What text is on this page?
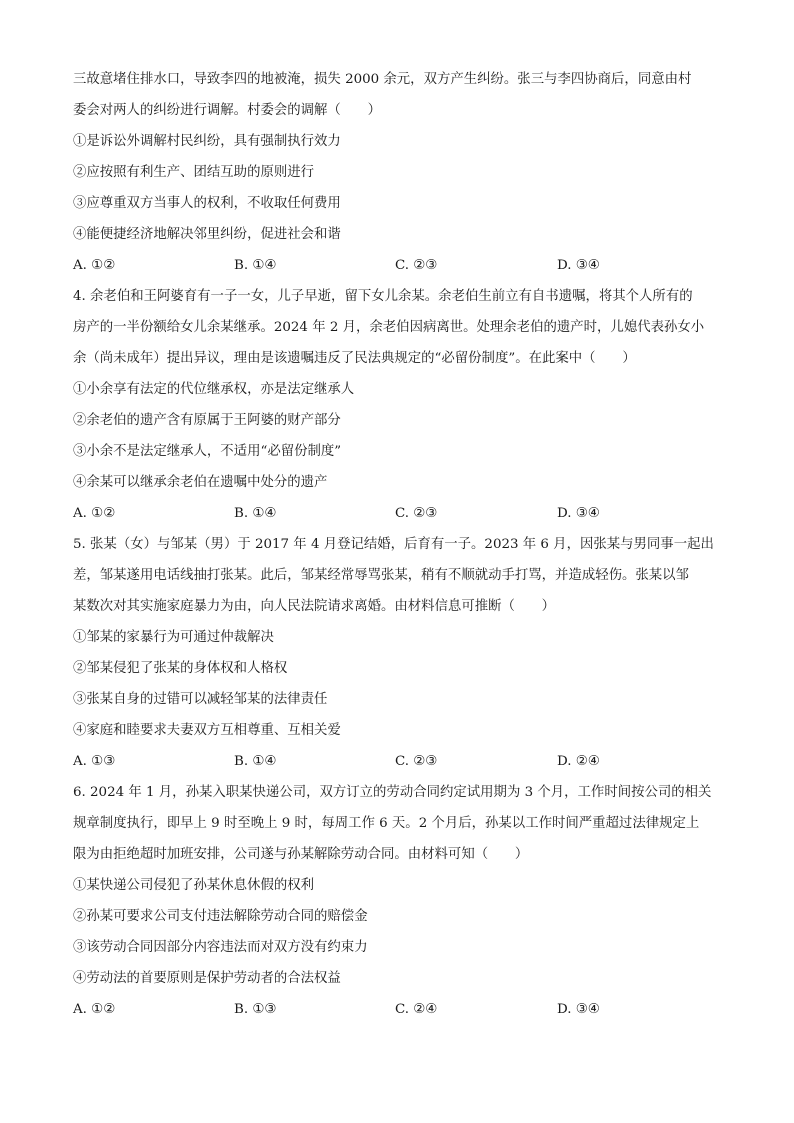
三故意堵住排水口，导致李四的地被淹，损失 2000 余元，双方产生纠纷。张三与李四协商后，同意由村
委会对两人的纠纷进行调解。村委会的调解（　　）
①是诉讼外调解村民纠纷，具有强制执行效力
②应按照有利生产、团结互助的原则进行
③应尊重双方当事人的权利，不收取任何费用
④能便捷经济地解决邻里纠纷，促进社会和谐
A. ①②	B. ①④	C. ②③	D. ③④
4. 余老伯和王阿婆育有一子一女，儿子早逝，留下女儿余某。余老伯生前立有自书遗嘱，将其个人所有的
房产的一半份额给女儿余某继承。2024 年 2 月，余老伯因病离世。处理余老伯的遗产时，儿媳代表孙女小
余（尚未成年）提出异议，理由是该遗嘱违反了民法典规定的“必留份制度”。在此案中（　　）
①小余享有法定的代位继承权，亦是法定继承人
②余老伯的遗产含有原属于王阿婆的财产部分
③小余不是法定继承人，不适用“必留份制度”
④余某可以继承余老伯在遗嘱中处分的遗产
A. ①②	B. ①④	C. ②③	D. ③④
5. 张某（女）与邹某（男）于 2017 年 4 月登记结婚，后育有一子。2023 年 6 月，因张某与男同事一起出
差，邹某遂用电话线抽打张某。此后，邹某经常辱骂张某，稍有不顺就动手打骂，并造成轻伤。张某以邹
某数次对其实施家庭暴力为由，向人民法院请求离婚。由材料信息可推断（　　）
①邹某的家暴行为可通过仲裁解决
②邹某侵犯了张某的身体权和人格权
③张某自身的过错可以减轻邹某的法律责任
④家庭和睦要求夫妻双方互相尊重、互相关爱
A. ①③	B. ①④	C. ②③	D. ②④
6. 2024 年 1 月，孙某入职某快递公司，双方订立的劳动合同约定试用期为 3 个月，工作时间按公司的相关
规章制度执行，即早上 9 时至晚上 9 时，每周工作 6 天。2 个月后，孙某以工作时间严重超过法律规定上
限为由拒绝超时加班安排，公司遂与孙某解除劳动合同。由材料可知（　　）
①某快递公司侵犯了孙某休息休假的权利
②孙某可要求公司支付违法解除劳动合同的赔偿金
③该劳动合同因部分内容违法而对双方没有约束力
④劳动法的首要原则是保护劳动者的合法权益
A. ①②	B. ①③	C. ②④	D. ③④
